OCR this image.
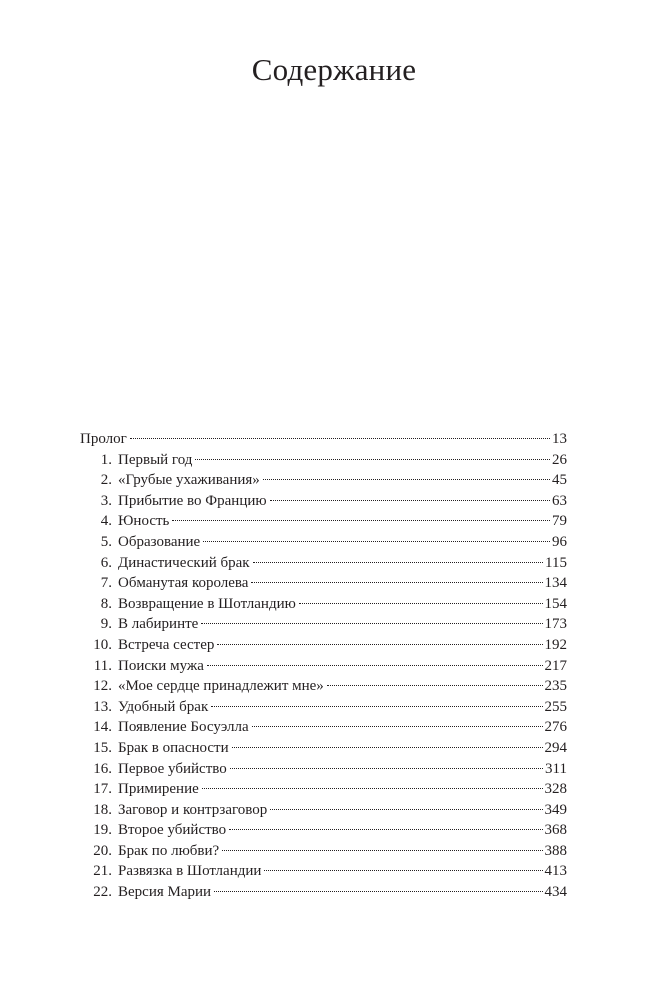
Содержание
Пролог	13
1. Первый год	26
2. «Грубые ухаживания»	45
3. Прибытие во Францию	63
4. Юность	79
5. Образование	96
6. Династический брак	115
7. Обманутая королева	134
8. Возвращение в Шотландию	154
9. В лабиринте	173
10. Встреча сестер	192
11. Поиски мужа	217
12. «Мое сердце принадлежит мне»	235
13. Удобный брак	255
14. Появление Босуэлла	276
15. Брак в опасности	294
16. Первое убийство	311
17. Примирение	328
18. Заговор и контрзаговор	349
19. Второе убийство	368
20. Брак по любви?	388
21. Развязка в Шотландии	413
22. Версия Марии	434
